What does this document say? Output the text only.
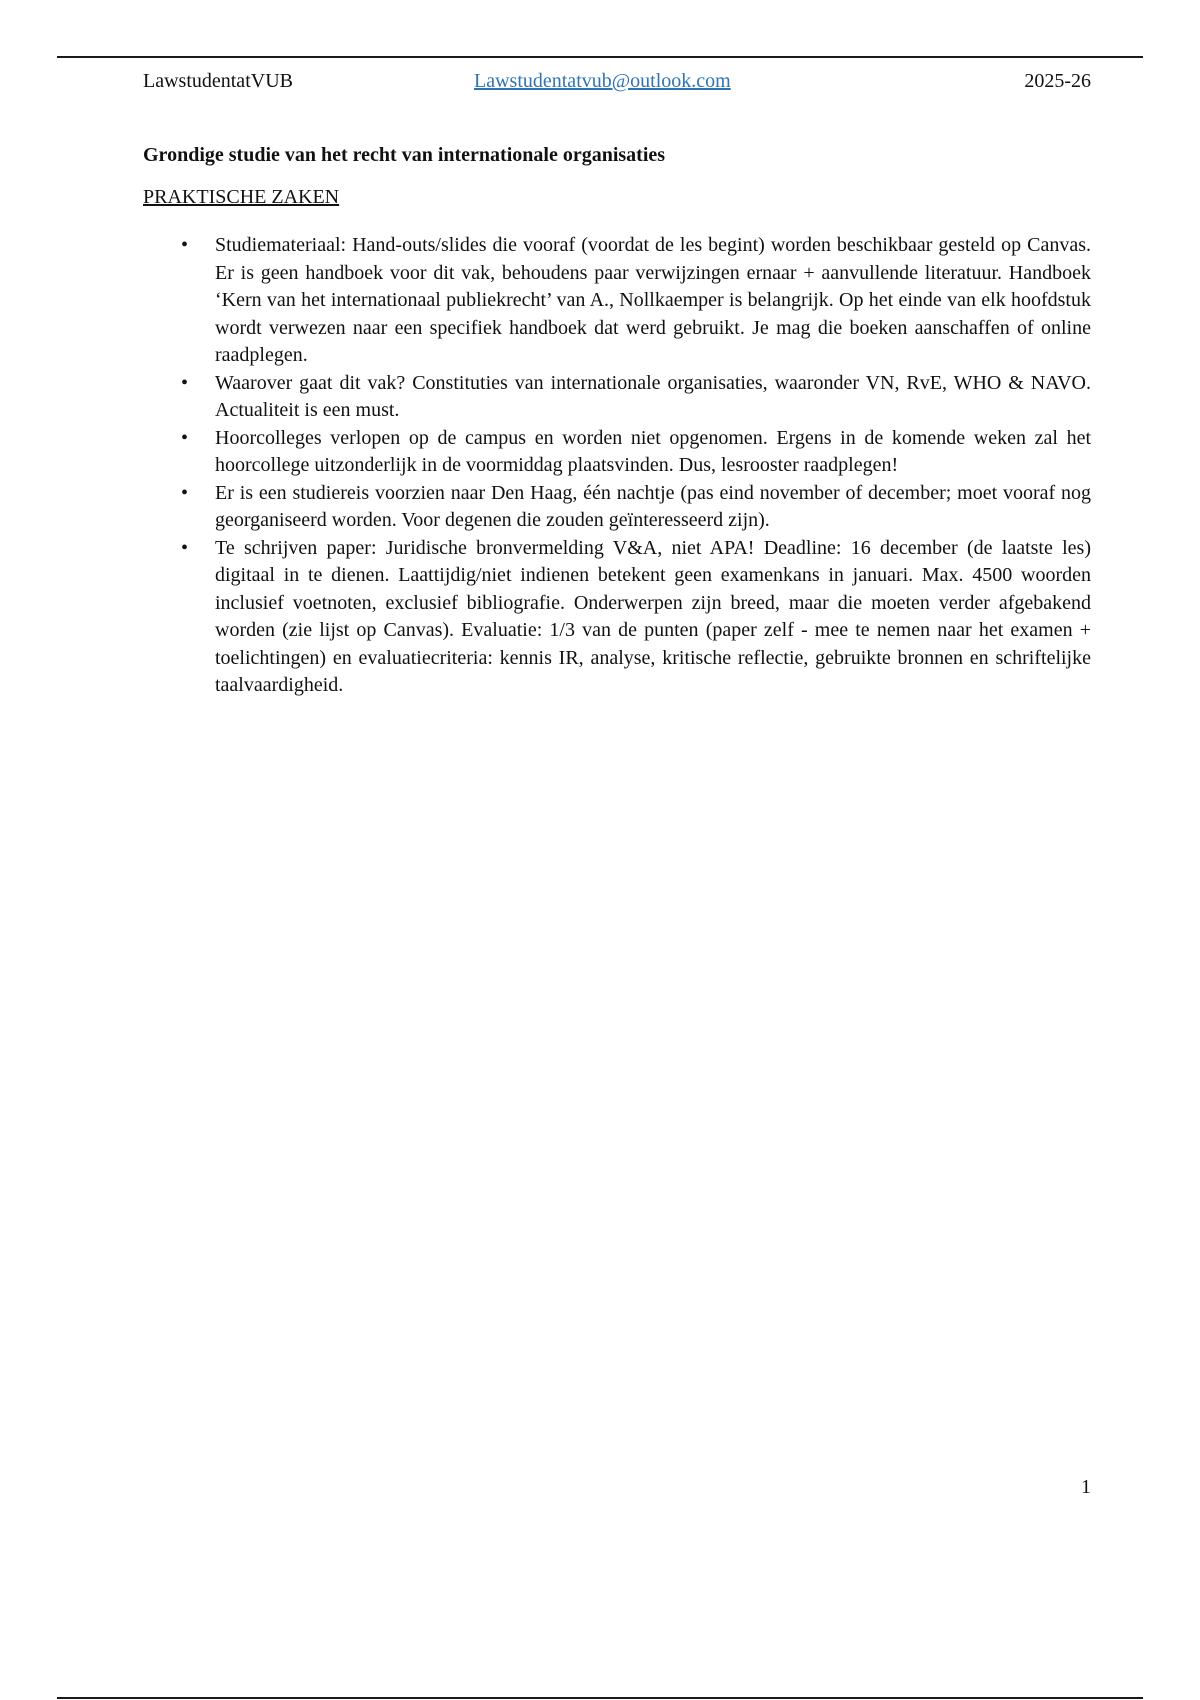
LawstudentatVUB	Lawstudentatvub@outlook.com	2025-26
Grondige studie van het recht van internationale organisaties
PRAKTISCHE ZAKEN
• Studiemateriaal: Hand-outs/slides die vooraf (voordat de les begint) worden beschikbaar gesteld op Canvas. Er is geen handboek voor dit vak, behoudens paar verwijzingen ernaar + aanvullende literatuur. Handboek ‘Kern van het internationaal publiekrecht’ van A., Nollkaemper is belangrijk. Op het einde van elk hoofdstuk wordt verwezen naar een specifiek handboek dat werd gebruikt. Je mag die boeken aanschaffen of online raadplegen.
• Waarover gaat dit vak? Constituties van internationale organisaties, waaronder VN, RvE, WHO & NAVO. Actualiteit is een must.
• Hoorcolleges verlopen op de campus en worden niet opgenomen. Ergens in de komende weken zal het hoorcollege uitzonderlijk in de voormiddag plaatsvinden. Dus, lesrooster raadplegen!
• Er is een studiereis voorzien naar Den Haag, één nachtje (pas eind november of december; moet vooraf nog georganiseerd worden. Voor degenen die zouden geïnteresseerd zijn).
• Te schrijven paper: Juridische bronvermelding V&A, niet APA! Deadline: 16 december (de laatste les) digitaal in te dienen. Laattijdig/niet indienen betekent geen examenkans in januari. Max. 4500 woorden inclusief voetnoten, exclusief bibliografie. Onderwerpen zijn breed, maar die moeten verder afgebakend worden (zie lijst op Canvas). Evaluatie: 1/3 van de punten (paper zelf - mee te nemen naar het examen + toelichtingen) en evaluatiecriteria: kennis IR, analyse, kritische reflectie, gebruikte bronnen en schriftelijke taalvaardigheid.
1
